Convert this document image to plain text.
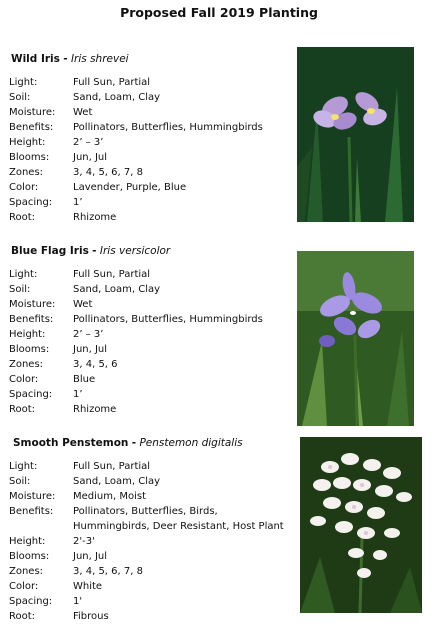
Proposed Fall 2019 Planting
Wild Iris - Iris shrevei
Light:	Full Sun, Partial
Soil:	Sand, Loam, Clay
Moisture: Wet
Benefits: Pollinators, Butterflies, Hummingbirds
Height:	2’ – 3’
Blooms: Jun, Jul
Zones:	3, 4, 5, 6, 7, 8
Color:	Lavender, Purple, Blue
Spacing: 1’
Root:	Rhizome
Blue Flag Iris - Iris versicolor
Light:	Full Sun, Partial
Soil:	Sand, Loam, Clay
Moisture: Wet
Benefits: Pollinators, Butterflies, Hummingbirds
Height:	2’ – 3’
Blooms: Jun, Jul
Zones:	3, 4, 5, 6
Color:	Blue
Spacing: 1’
Root:	Rhizome
Smooth Penstemon - Penstemon digitalis
Light:	Full Sun, Partial
Soil:	Sand, Loam, Clay
Moisture: Medium, Moist
Benefits: Pollinators, Butterflies, Birds, Hummingbirds, Deer Resistant, Host Plant
Height:	2'-3'
Blooms: Jun, Jul
Zones:	3, 4, 5, 6, 7, 8
Color:	White
Spacing: 1'
Root:	Fibrous
